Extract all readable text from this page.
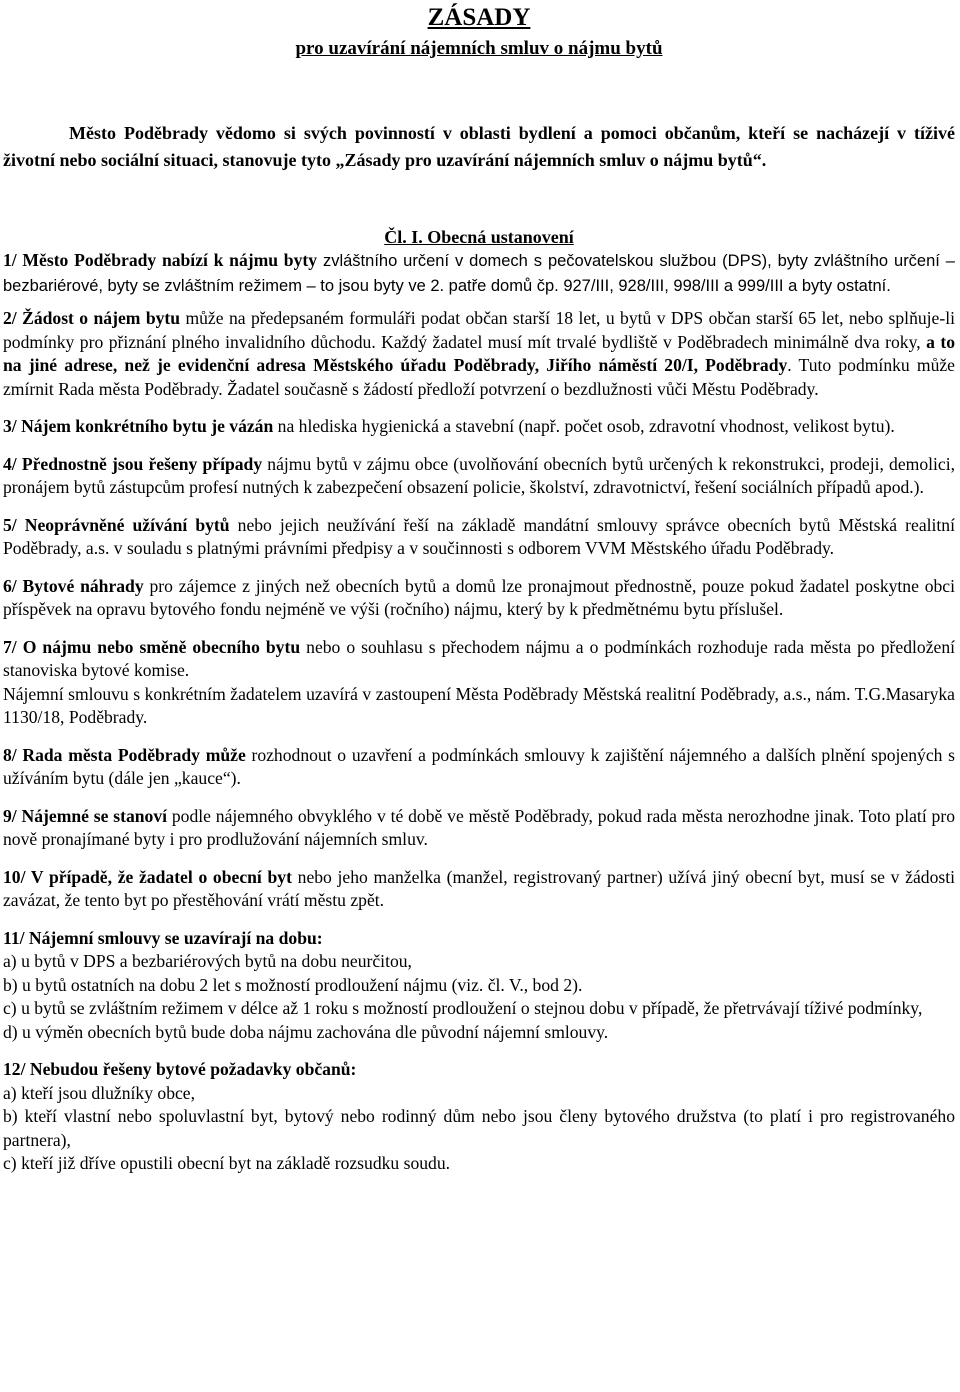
ZÁSADY
pro uzavírání nájemních smluv o nájmu bytů

Město Poděbrady vědomo si svých povinností v oblasti bydlení a pomoci občanům, kteří se nacházejí v tíživé životní nebo sociální situaci, stanovuje tyto „Zásady pro uzavírání nájemních smluv o nájmu bytů“.

Čl. I. Obecná ustanovení

1/ Město Poděbrady nabízí k nájmu byty zvláštního určení v domech s pečovatelskou službou (DPS), byty zvláštního určení – bezbariérové, byty se zvláštním režimem – to jsou byty ve 2. patře domů čp. 927/III, 928/III, 998/III a 999/III a byty ostatní.

2/ Žádost o nájem bytu může na předepsaném formuláři podat občan starší 18 let, u bytů v DPS občan starší 65 let, nebo splňuje-li podmínky pro přiznání plného invalidního důchodu. Každý žadatel musí mít trvalé bydliště v Poděbradech minimálně dva roky, a to na jiné adrese, než je evidenční adresa Městského úřadu Poděbrady, Jiřího náměstí 20/I, Poděbrady. Tuto podmínku může zmírnit Rada města Poděbrady. Žadatel současně s žádostí předloží potvrzení o bezdlužnosti vůči Městu Poděbrady.

3/ Nájem konkrétního bytu je vázán na hlediska hygienická a stavební (např. počet osob, zdravotní vhodnost, velikost bytu).

4/ Přednostně jsou řešeny případy nájmu bytů v zájmu obce (uvolňování obecních bytů určených k rekonstrukci, prodeji, demolici, pronájem bytů zástupcům profesí nutných k zabezpečení obsazení policie, školství, zdravotnictví, řešení sociálních případů apod.).

5/ Neoprávněné užívání bytů nebo jejich neužívání řeší na základě mandátní smlouvy správce obecních bytů Městská realitní Poděbrady, a.s. v souladu s platnými právními předpisy a v součinnosti s odborem VVM Městského úřadu Poděbrady.

6/ Bytové náhrady pro zájemce z jiných než obecních bytů a domů lze pronajmout přednostně, pouze pokud žadatel poskytne obci příspěvek na opravu bytového fondu nejméně ve výši (ročního) nájmu, který by k předmětnému bytu příslušel.

7/ O nájmu nebo směně obecního bytu nebo o souhlasu s přechodem nájmu a o podmínkách rozhoduje rada města po předložení stanoviska bytové komise.

Nájemní smlouvu s konkrétním žadatelem uzavírá v zastoupení Města Poděbrady Městská realitní Poděbrady, a.s., nám. T.G.Masaryka 1130/18, Poděbrady.

8/ Rada města Poděbrady může rozhodnout o uzavření a podmínkách smlouvy k zajištění nájemného a dalších plnění spojených s užíváním bytu (dále jen „kauce“).

9/ Nájemné se stanoví podle nájemného obvyklého v té době ve městě Poděbrady, pokud rada města nerozhodne jinak. Toto platí pro nově pronajímané byty i pro prodlužování nájemních smluv.

10/ V případě, že žadatel o obecní byt nebo jeho manželka (manžel, registrovaný partner) užívá jiný obecní byt, musí se v žádosti zavázat, že tento byt po přestěhování vrátí městu zpět.

11/ Nájemní smlouvy se uzavírají na dobu:

a) u bytů v DPS a bezbariérových bytů na dobu neurčitou,

b) u bytů ostatních na dobu 2 let s možností prodloužení nájmu (viz. čl. V., bod 2).

c) u bytů se zvláštním režimem v délce až 1 roku s možností prodloužení o stejnou dobu v případě, že přetrvávají tíživé podmínky,

d) u výměn obecních bytů bude doba nájmu zachována dle původní nájemní smlouvy.

12/ Nebudou řešeny bytové požadavky občanů:

a) kteří jsou dlužníky obce,

b) kteří vlastní nebo spoluvlastní byt, bytový nebo rodinný dům nebo jsou členy bytového družstva (to platí i pro registrovaného partnera),

c) kteří již dříve opustili obecní byt na základě rozsudku soudu.
